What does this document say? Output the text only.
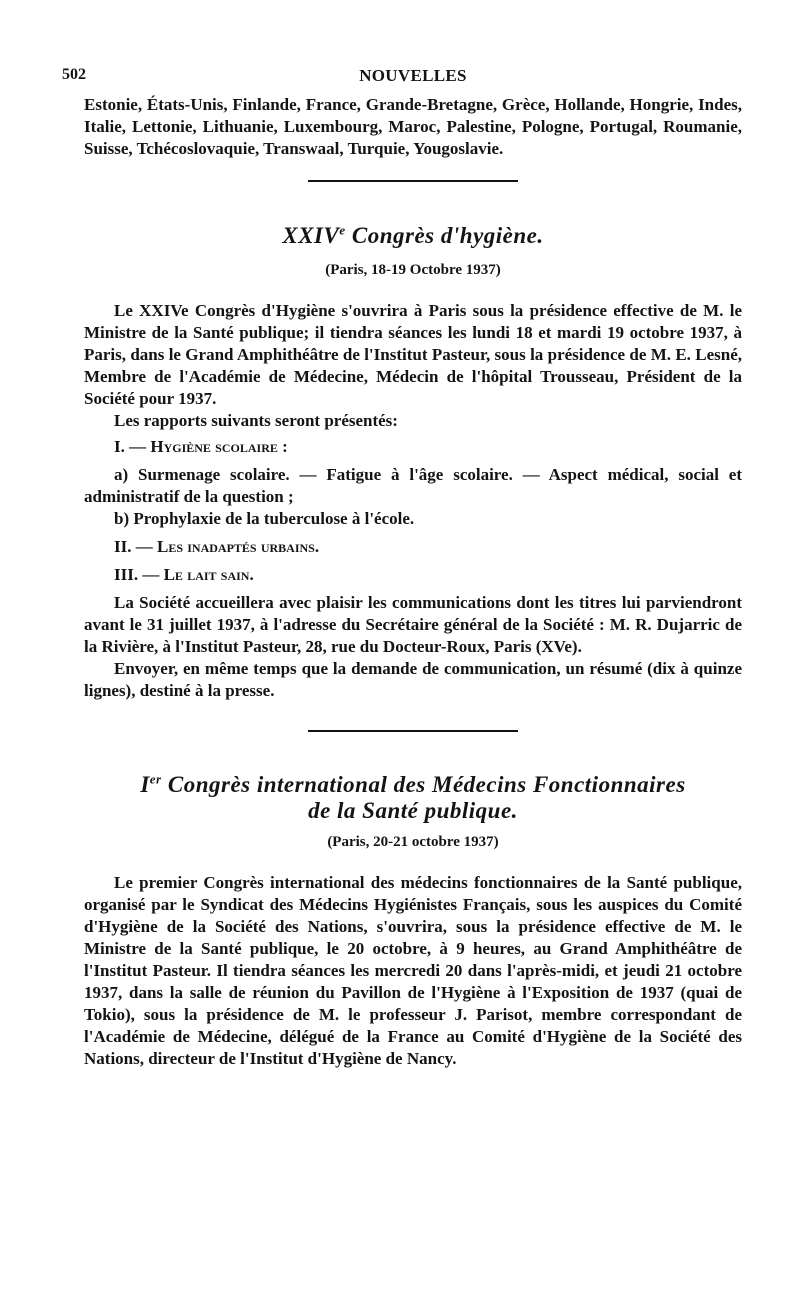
502	NOUVELLES

Estonie, États-Unis, Finlande, France, Grande-Bretagne, Grèce, Hollande, Hongrie, Indes, Italie, Lettonie, Lithuanie, Luxembourg, Maroc, Palestine, Pologne, Portugal, Roumanie, Suisse, Tchécoslovaquie, Transwaal, Turquie, Yougoslavie.

XXIVe Congrès d'hygiène.
(Paris, 18-19 Octobre 1937)

Le XXIVe Congrès d'Hygiène s'ouvrira à Paris sous la présidence effective de M. le Ministre de la Santé publique; il tiendra séances les lundi 18 et mardi 19 octobre 1937, à Paris, dans le Grand Amphithéâtre de l'Institut Pasteur, sous la présidence de M. E. Lesné, Membre de l'Académie de Médecine, Médecin de l'hôpital Trousseau, Président de la Société pour 1937.

Les rapports suivants seront présentés:

I. — Hygiène scolaire :

a) Surmenage scolaire. — Fatigue à l'âge scolaire. — Aspect médical, social et administratif de la question ;

b) Prophylaxie de la tuberculose à l'école.

II. — Les inadaptés urbains.

III. — Le lait sain.

La Société accueillera avec plaisir les communications dont les titres lui parviendront avant le 31 juillet 1937, à l'adresse du Secrétaire général de la Société : M. R. Dujarric de la Rivière, à l'Institut Pasteur, 28, rue du Docteur-Roux, Paris (XVe).

Envoyer, en même temps que la demande de communication, un résumé (dix à quinze lignes), destiné à la presse.

Ier Congrès international des Médecins Fonctionnaires
de la Santé publique.
(Paris, 20-21 octobre 1937)

Le premier Congrès international des médecins fonctionnaires de la Santé publique, organisé par le Syndicat des Médecins Hygiénistes Français, sous les auspices du Comité d'Hygiène de la Société des Nations, s'ouvrira, sous la présidence effective de M. le Ministre de la Santé publique, le 20 octobre, à 9 heures, au Grand Amphithéâtre de l'Institut Pasteur. Il tiendra séances les mercredi 20 dans l'après-midi, et jeudi 21 octobre 1937, dans la salle de réunion du Pavillon de l'Hygiène à l'Exposition de 1937 (quai de Tokio), sous la présidence de M. le professeur J. Parisot, membre correspondant de l'Académie de Médecine, délégué de la France au Comité d'Hygiène de la Société des Nations, directeur de l'Institut d'Hygiène de Nancy.
